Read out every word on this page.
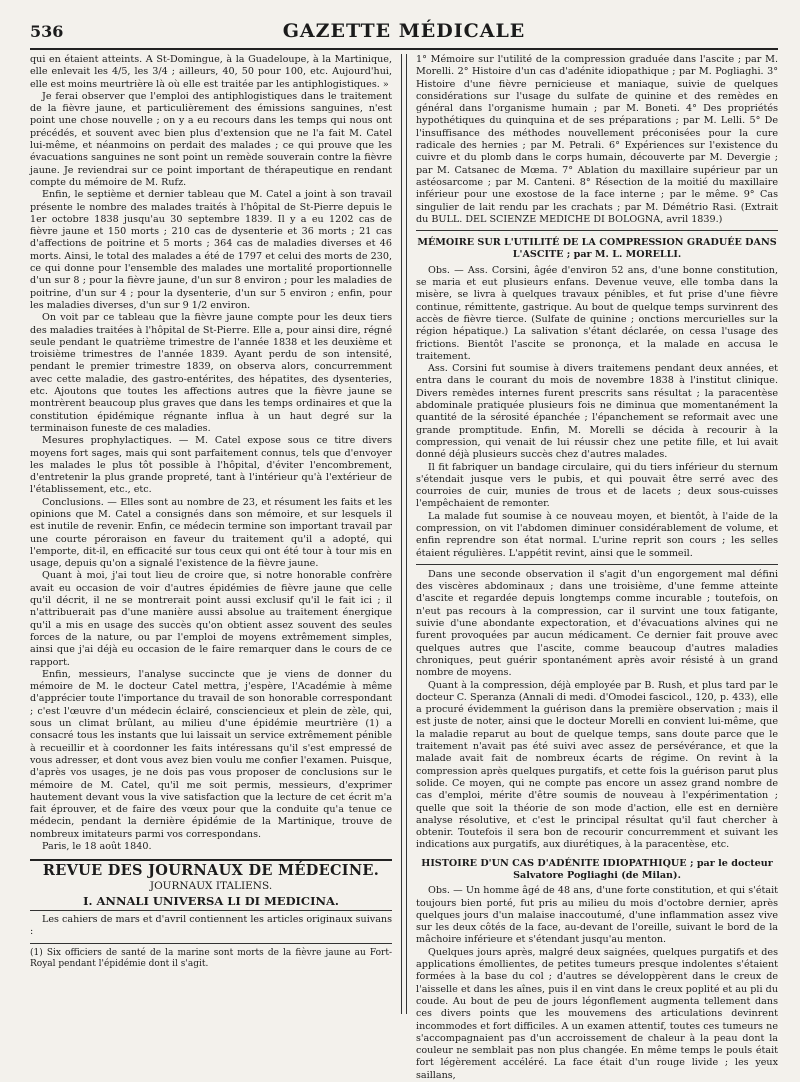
536	GAZETTE MÉDICALE

qui en étaient atteints. A St-Domingue, à la Guadeloupe, à la Martinique, elle enlevait les 4/5, les 3/4 ; ailleurs, 40, 50 pour 100, etc. Aujourd'hui, elle est moins meurtrière là où elle est traitée par les antiphlogistiques. »

Je ferai observer que l'emploi des antiphlogistiques dans le traitement de la fièvre jaune, et particulièrement des émissions sanguines, n'est point une chose nouvelle ; on y a eu recours dans les temps qui nous ont précédés, et souvent avec bien plus d'extension que ne l'a fait M. Catel lui-même, et néanmoins on perdait des malades ; ce qui prouve que les évacuations sanguines ne sont point un remède souverain contre la fièvre jaune. Je reviendrai sur ce point important de thérapeutique en rendant compte du mémoire de M. Rufz.

Enfin, le septième et dernier tableau que M. Catel a joint à son travail présente le nombre des malades traités à l'hôpital de St-Pierre depuis le 1er octobre 1838 jusqu'au 30 septembre 1839. Il y a eu 1202 cas de fièvre jaune et 150 morts ; 210 cas de dysenterie et 36 morts ; 21 cas d'affections de poitrine et 5 morts ; 364 cas de maladies diverses et 46 morts. Ainsi, le total des malades a été de 1797 et celui des morts de 230, ce qui donne pour l'ensemble des malades une mortalité proportionnelle d'un sur 8 ; pour la fièvre jaune, d'un sur 8 environ ; pour les maladies de poitrine, d'un sur 4 ; pour la dysenterie, d'un sur 5 environ ; enfin, pour les maladies diverses, d'un sur 9 1/2 environ.

On voit par ce tableau que la fièvre jaune compte pour les deux tiers des maladies traitées à l'hôpital de St-Pierre. Elle a, pour ainsi dire, régné seule pendant le quatrième trimestre de l'année 1838 et les deuxième et troisième trimestres de l'année 1839. Ayant perdu de son intensité, pendant le premier trimestre 1839, on observa alors, concurremment avec cette maladie, des gastro-entérites, des hépatites, des dysenteries, etc. Ajoutons que toutes les affections autres que la fièvre jaune se montrèrent beaucoup plus graves que dans les temps ordinaires et que la constitution épidémique régnante influa à un haut degré sur la terminaison funeste de ces maladies.

Mesures prophylactiques. — M. Catel expose sous ce titre divers moyens fort sages, mais qui sont parfaitement connus, tels que d'envoyer les malades le plus tôt possible à l'hôpital, d'éviter l'encombrement, d'entretenir la plus grande propreté, tant à l'intérieur qu'à l'extérieur de l'établissement, etc., etc.

Conclusions. — Elles sont au nombre de 23, et résument les faits et les opinions que M. Catel a consignés dans son mémoire, et sur lesquels il est inutile de revenir. Enfin, ce médecin termine son important travail par une courte péroraison en faveur du traitement qu'il a adopté, qui l'emporte, dit-il, en efficacité sur tous ceux qui ont été tour à tour mis en usage, depuis qu'on a signalé l'existence de la fièvre jaune.

Quant à moi, j'ai tout lieu de croire que, si notre honorable confrère avait eu occasion de voir d'autres épidémies de fièvre jaune que celle qu'il décrit, il ne se montrerait point aussi exclusif qu'il le fait ici ; il n'attribuerait pas d'une manière aussi absolue au traitement énergique qu'il a mis en usage des succès qu'on obtient assez souvent des seules forces de la nature, ou par l'emploi de moyens extrêmement simples, ainsi que j'ai déjà eu occasion de le faire remarquer dans le cours de ce rapport.

Enfin, messieurs, l'analyse succincte que je viens de donner du mémoire de M. le docteur Catel mettra, j'espère, l'Académie à même d'apprécier toute l'importance du travail de son honorable correspondant ; c'est l'œuvre d'un médecin éclairé, consciencieux et plein de zèle, qui, sous un climat brûlant, au milieu d'une épidémie meurtrière (1) a consacré tous les instants que lui laissait un service extrêmement pénible à recueillir et à coordonner les faits intéressans qu'il s'est empressé de vous adresser, et dont vous avez bien voulu me confier l'examen. Puisque, d'après vos usages, je ne dois pas vous proposer de conclusions sur le mémoire de M. Catel, qu'il me soit permis, messieurs, d'exprimer hautement devant vous la vive satisfaction que la lecture de cet écrit m'a fait éprouver, et de faire des vœux pour que la conduite qu'a tenue ce médecin, pendant la dernière épidémie de la Martinique, trouve de nombreux imitateurs parmi vos correspondans.

Paris, le 18 août 1840.

REVUE DES JOURNAUX DE MÉDECINE.
JOURNAUX ITALIENS.
I. ANNALI UNIVERSA LI DI MEDICINA.

Les cahiers de mars et d'avril contiennent les articles originaux suivans :

(1) Six officiers de santé de la marine sont morts de la fièvre jaune au Fort-Royal pendant l'épidémie dont il s'agit.

1° Mémoire sur l'utilité de la compression graduée dans l'ascite ; par M. Morelli. 2° Histoire d'un cas d'adénite idiopathique ; par M. Pogliaghi. 3° Histoire d'une fièvre pernicieuse et maniaque, suivie de quelques considérations sur l'usage du sulfate de quinine et des remèdes en général dans l'organisme humain ; par M. Boneti. 4° Des propriétés hypothétiques du quinquina et de ses préparations ; par M. Lelli. 5° De l'insuffisance des méthodes nouvellement préconisées pour la cure radicale des hernies ; par M. Petrali. 6° Expériences sur l'existence du cuivre et du plomb dans le corps humain, découverte par M. Devergie ; par M. Catsanec de Mœma. 7° Ablation du maxillaire supérieur par un astéosarcome ; par M. Canteni. 8° Résection de la moitié du maxillaire inférieur pour une exostose de la face interne ; par le même. 9° Cas singulier de lait rendu par les crachats ; par M. Démétrio Rasi. (Extrait du BULL. DEL SCIENZE MEDICHE DI BOLOGNA, avril 1839.)

MÉMOIRE SUR L'UTILITÉ DE LA COMPRESSION GRADUÉE DANS L'ASCITE ; par M. L. MORELLI.

Obs. — Ass. Corsini, âgée d'environ 52 ans, d'une bonne constitution, se maria et eut plusieurs enfans. Devenue veuve, elle tomba dans la misère, se livra à quelques travaux pénibles, et fut prise d'une fièvre continue, rémittente, gastrique. Au bout de quelque temps survinrent des accès de fièvre tierce. (Sulfate de quinine ; onctions mercurielles sur la région hépatique.) La salivation s'étant déclarée, on cessa l'usage des frictions. Bientôt l'ascite se prononça, et la malade en accusa le traitement.

Ass. Corsini fut soumise à divers traitemens pendant deux années, et entra dans le courant du mois de novembre 1838 à l'institut clinique. Divers remèdes internes furent prescrits sans résultat ; la paracentèse abdominale pratiquée plusieurs fois ne diminua que momentanément la quantité de la sérosité épanchée ; l'épanchement se reformait avec une grande promptitude. Enfin, M. Morelli se décida à recourir à la compression, qui venait de lui réussir chez une petite fille, et lui avait donné déjà plusieurs succès chez d'autres malades.

Il fit fabriquer un bandage circulaire, qui du tiers inférieur du sternum s'étendait jusque vers le pubis, et qui pouvait être serré avec des courroies de cuir, munies de trous et de lacets ; deux sous-cuisses l'empêchaient de remonter.

La malade fut soumise à ce nouveau moyen, et bientôt, à l'aide de la compression, on vit l'abdomen diminuer considérablement de volume, et enfin reprendre son état normal. L'urine reprit son cours ; les selles étaient régulières. L'appétit revint, ainsi que le sommeil.

Dans une seconde observation il s'agit d'un engorgement mal défini des viscères abdominaux ; dans une troisième, d'une femme atteinte d'ascite et regardée depuis longtemps comme incurable ; toutefois, on n'eut pas recours à la compression, car il survint une toux fatigante, suivie d'une abondante expectoration, et d'évacuations alvines qui ne furent provoquées par aucun médicament. Ce dernier fait prouve avec quelques autres que l'ascite, comme beaucoup d'autres maladies chroniques, peut guérir spontanément après avoir résisté à un grand nombre de moyens.

Quant à la compression, déjà employée par B. Rush, et plus tard par le docteur C. Speranza (Annali di medi. d'Omodei fascicol., 120, p. 433), elle a procuré évidemment la guérison dans la première observation ; mais il est juste de noter, ainsi que le docteur Morelli en convient lui-même, que la maladie reparut au bout de quelque temps, sans doute parce que le traitement n'avait pas été suivi avec assez de persévérance, et que la malade avait fait de nombreux écarts de régime. On revint à la compression après quelques purgatifs, et cette fois la guérison parut plus solide. Ce moyen, qui ne compte pas encore un assez grand nombre de cas d'emploi, mérite d'être soumis de nouveau à l'expérimentation ; quelle que soit la théorie de son mode d'action, elle est en dernière analyse résolutive, et c'est le principal résultat qu'il faut chercher à obtenir. Toutefois il sera bon de recourir concurremment et suivant les indications aux purgatifs, aux diurétiques, à la paracentèse, etc.

HISTOIRE D'UN CAS D'ADÉNITE IDIOPATHIQUE ; par le docteur Salvatore Pogliaghi (de Milan).

Obs. — Un homme âgé de 48 ans, d'une forte constitution, et qui s'était toujours bien porté, fut pris au milieu du mois d'octobre dernier, après quelques jours d'un malaise inaccoutumé, d'une inflammation assez vive sur les deux côtés de la face, au-devant de l'oreille, suivant le bord de la mâchoire inférieure et s'étendant jusqu'au menton.

Quelques jours après, malgré deux saignées, quelques purgatifs et des applications émollientes, de petites tumeurs presque indolentes s'étaient formées à la base du col ; d'autres se développèrent dans le creux de l'aisselle et dans les aînes, puis il en vint dans le creux poplité et au pli du coude. Au bout de peu de jours légonflement augmenta tellement dans ces divers points que les mouvemens des articulations devinrent incommodes et fort difficiles. A un examen attentif, toutes ces tumeurs ne s'accompagnaient pas d'un accroissement de chaleur à la peau dont la couleur ne semblait pas non plus changée. En même temps le pouls était fort légèrement accéléré. La face était d'un rouge livide ; les yeux saillans,
